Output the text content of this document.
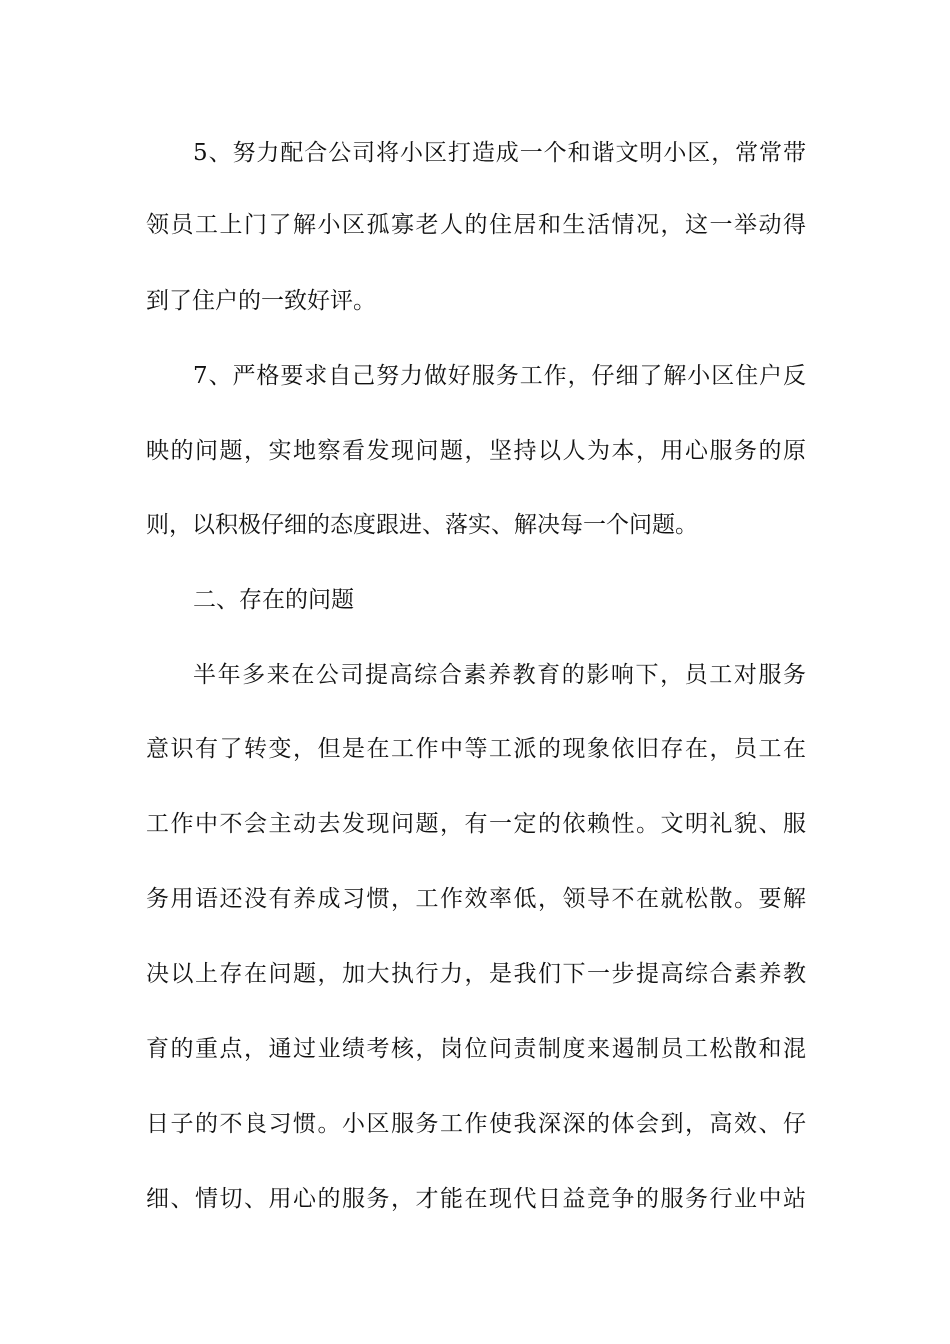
5、努力配合公司将小区打造成一个和谐文明小区，常常带
领员工上门了解小区孤寡老人的住居和生活情况，这一举动得
到了住户的一致好评。
7、严格要求自己努力做好服务工作，仔细了解小区住户反
映的问题，实地察看发现问题，坚持以人为本，用心服务的原
则，以积极仔细的态度跟进、落实、解决每一个问题。
二、存在的问题
半年多来在公司提高综合素养教育的影响下，员工对服务
意识有了转变，但是在工作中等工派的现象依旧存在，员工在
工作中不会主动去发现问题，有一定的依赖性。文明礼貌、服
务用语还没有养成习惯，工作效率低，领导不在就松散。要解
决以上存在问题，加大执行力，是我们下一步提高综合素养教
育的重点，通过业绩考核，岗位问责制度来遏制员工松散和混
日子的不良习惯。小区服务工作使我深深的体会到，高效、仔
细、情切、用心的服务，才能在现代日益竞争的服务行业中站
